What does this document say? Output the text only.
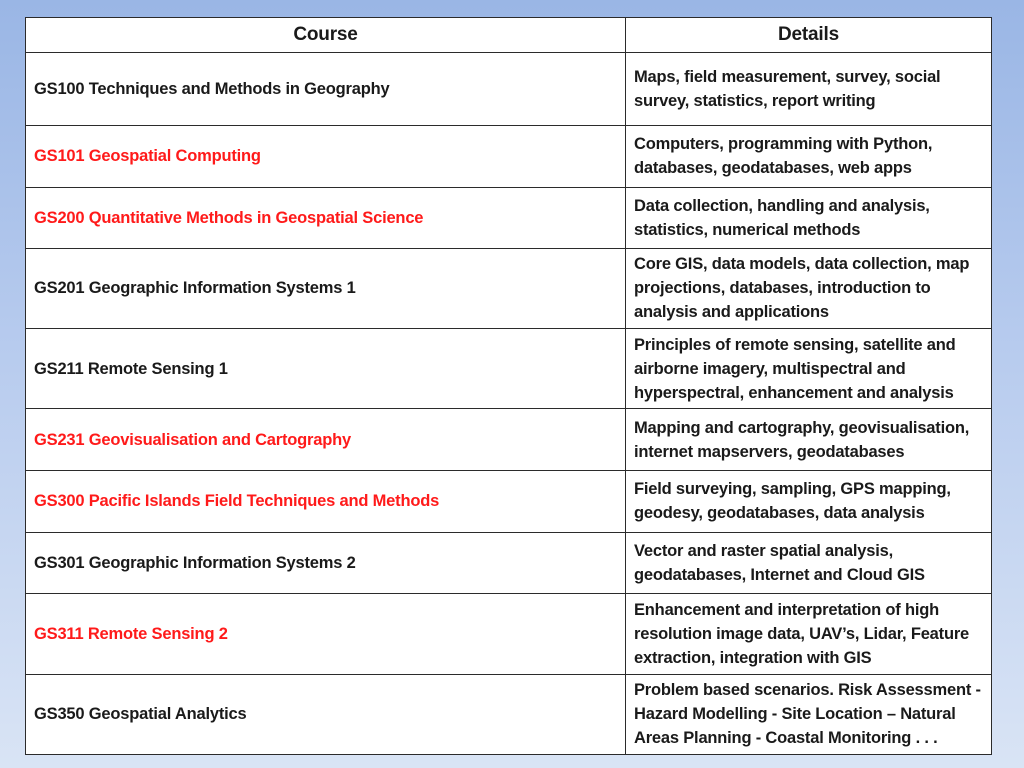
Course	Details
GS100 Techniques and Methods in Geography	Maps, field measurement, survey, social survey, statistics, report writing
GS101 Geospatial Computing	Computers, programming with Python, databases, geodatabases, web apps
GS200 Quantitative Methods in Geospatial Science	Data collection, handling and analysis, statistics, numerical methods
GS201 Geographic Information Systems 1	Core GIS, data models, data collection, map projections, databases, introduction to analysis and applications
GS211 Remote Sensing 1	Principles of remote sensing, satellite and airborne imagery, multispectral and hyperspectral, enhancement and analysis
GS231 Geovisualisation and Cartography	Mapping and cartography, geovisualisation, internet mapservers, geodatabases
GS300 Pacific Islands Field Techniques and Methods	Field surveying, sampling, GPS mapping, geodesy, geodatabases, data analysis
GS301 Geographic Information Systems 2	Vector and raster spatial analysis, geodatabases, Internet and Cloud GIS
GS311 Remote Sensing 2	Enhancement and interpretation of high resolution image data, UAV’s, Lidar, Feature extraction, integration with GIS
GS350 Geospatial Analytics	Problem based scenarios. Risk Assessment - Hazard Modelling - Site Location – Natural Areas Planning - Coastal Monitoring . . .
